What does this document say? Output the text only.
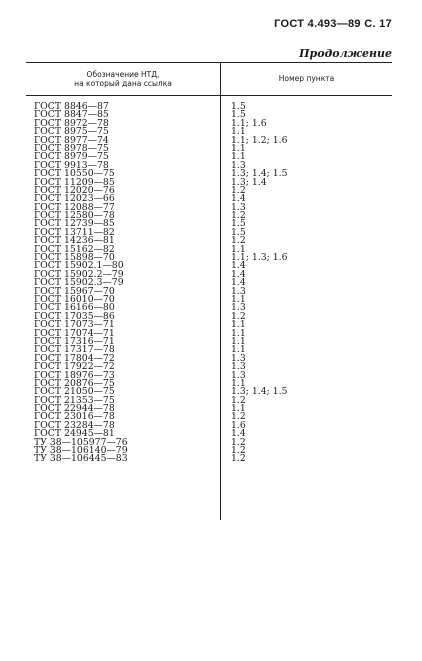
ГОСТ 4.493—89 С. 17
Продолжение
Обозначение НТД,
на который дана ссылка
Номер пункта
ГОСТ 8846—87	1.5
ГОСТ 8847—85	1.5
ГОСТ 8972—78	1.1; 1.6
ГОСТ 8975—75	1.1
ГОСТ 8977—74	1.1; 1.2; 1.6
ГОСТ 8978—75	1.1
ГОСТ 8979—75	1.1
ГОСТ 9913—78	1.3
ГОСТ 10550—75	1.3; 1.4; 1.5
ГОСТ 11209—85	1.3; 1.4
ГОСТ 12020—76	1.2
ГОСТ 12023—66	1.4
ГОСТ 12088—77	1.3
ГОСТ 12580—78	1.2
ГОСТ 12739—85	1.5
ГОСТ 13711—82	1.5
ГОСТ 14236—81	1.2
ГОСТ 15162—82	1.1
ГОСТ 15898—70	1.1; 1.3; 1.6
ГОСТ 15902.1—80	1.4
ГОСТ 15902.2—79	1.4
ГОСТ 15902.3—79	1.4
ГОСТ 15967—70	1.3
ГОСТ 16010—70	1.1
ГОСТ 16166—80	1.3
ГОСТ 17035—86	1.2
ГОСТ 17073—71	1.1
ГОСТ 17074—71	1.1
ГОСТ 17316—71	1.1
ГОСТ 17317—78	1.1
ГОСТ 17804—72	1.3
ГОСТ 17922—72	1.3
ГОСТ 18976—73	1.3
ГОСТ 20876—75	1.1
ГОСТ 21050—75	1.3; 1.4; 1.5
ГОСТ 21353—75	1.2
ГОСТ 22944—78	1.1
ГОСТ 23016—78	1.2
ГОСТ 23284—78	1.6
ГОСТ 24945—81	1.4
ТУ 38—105977—76	1.2
ТУ 38—106140—79	1.2
ТУ 38—106445—83	1.2
